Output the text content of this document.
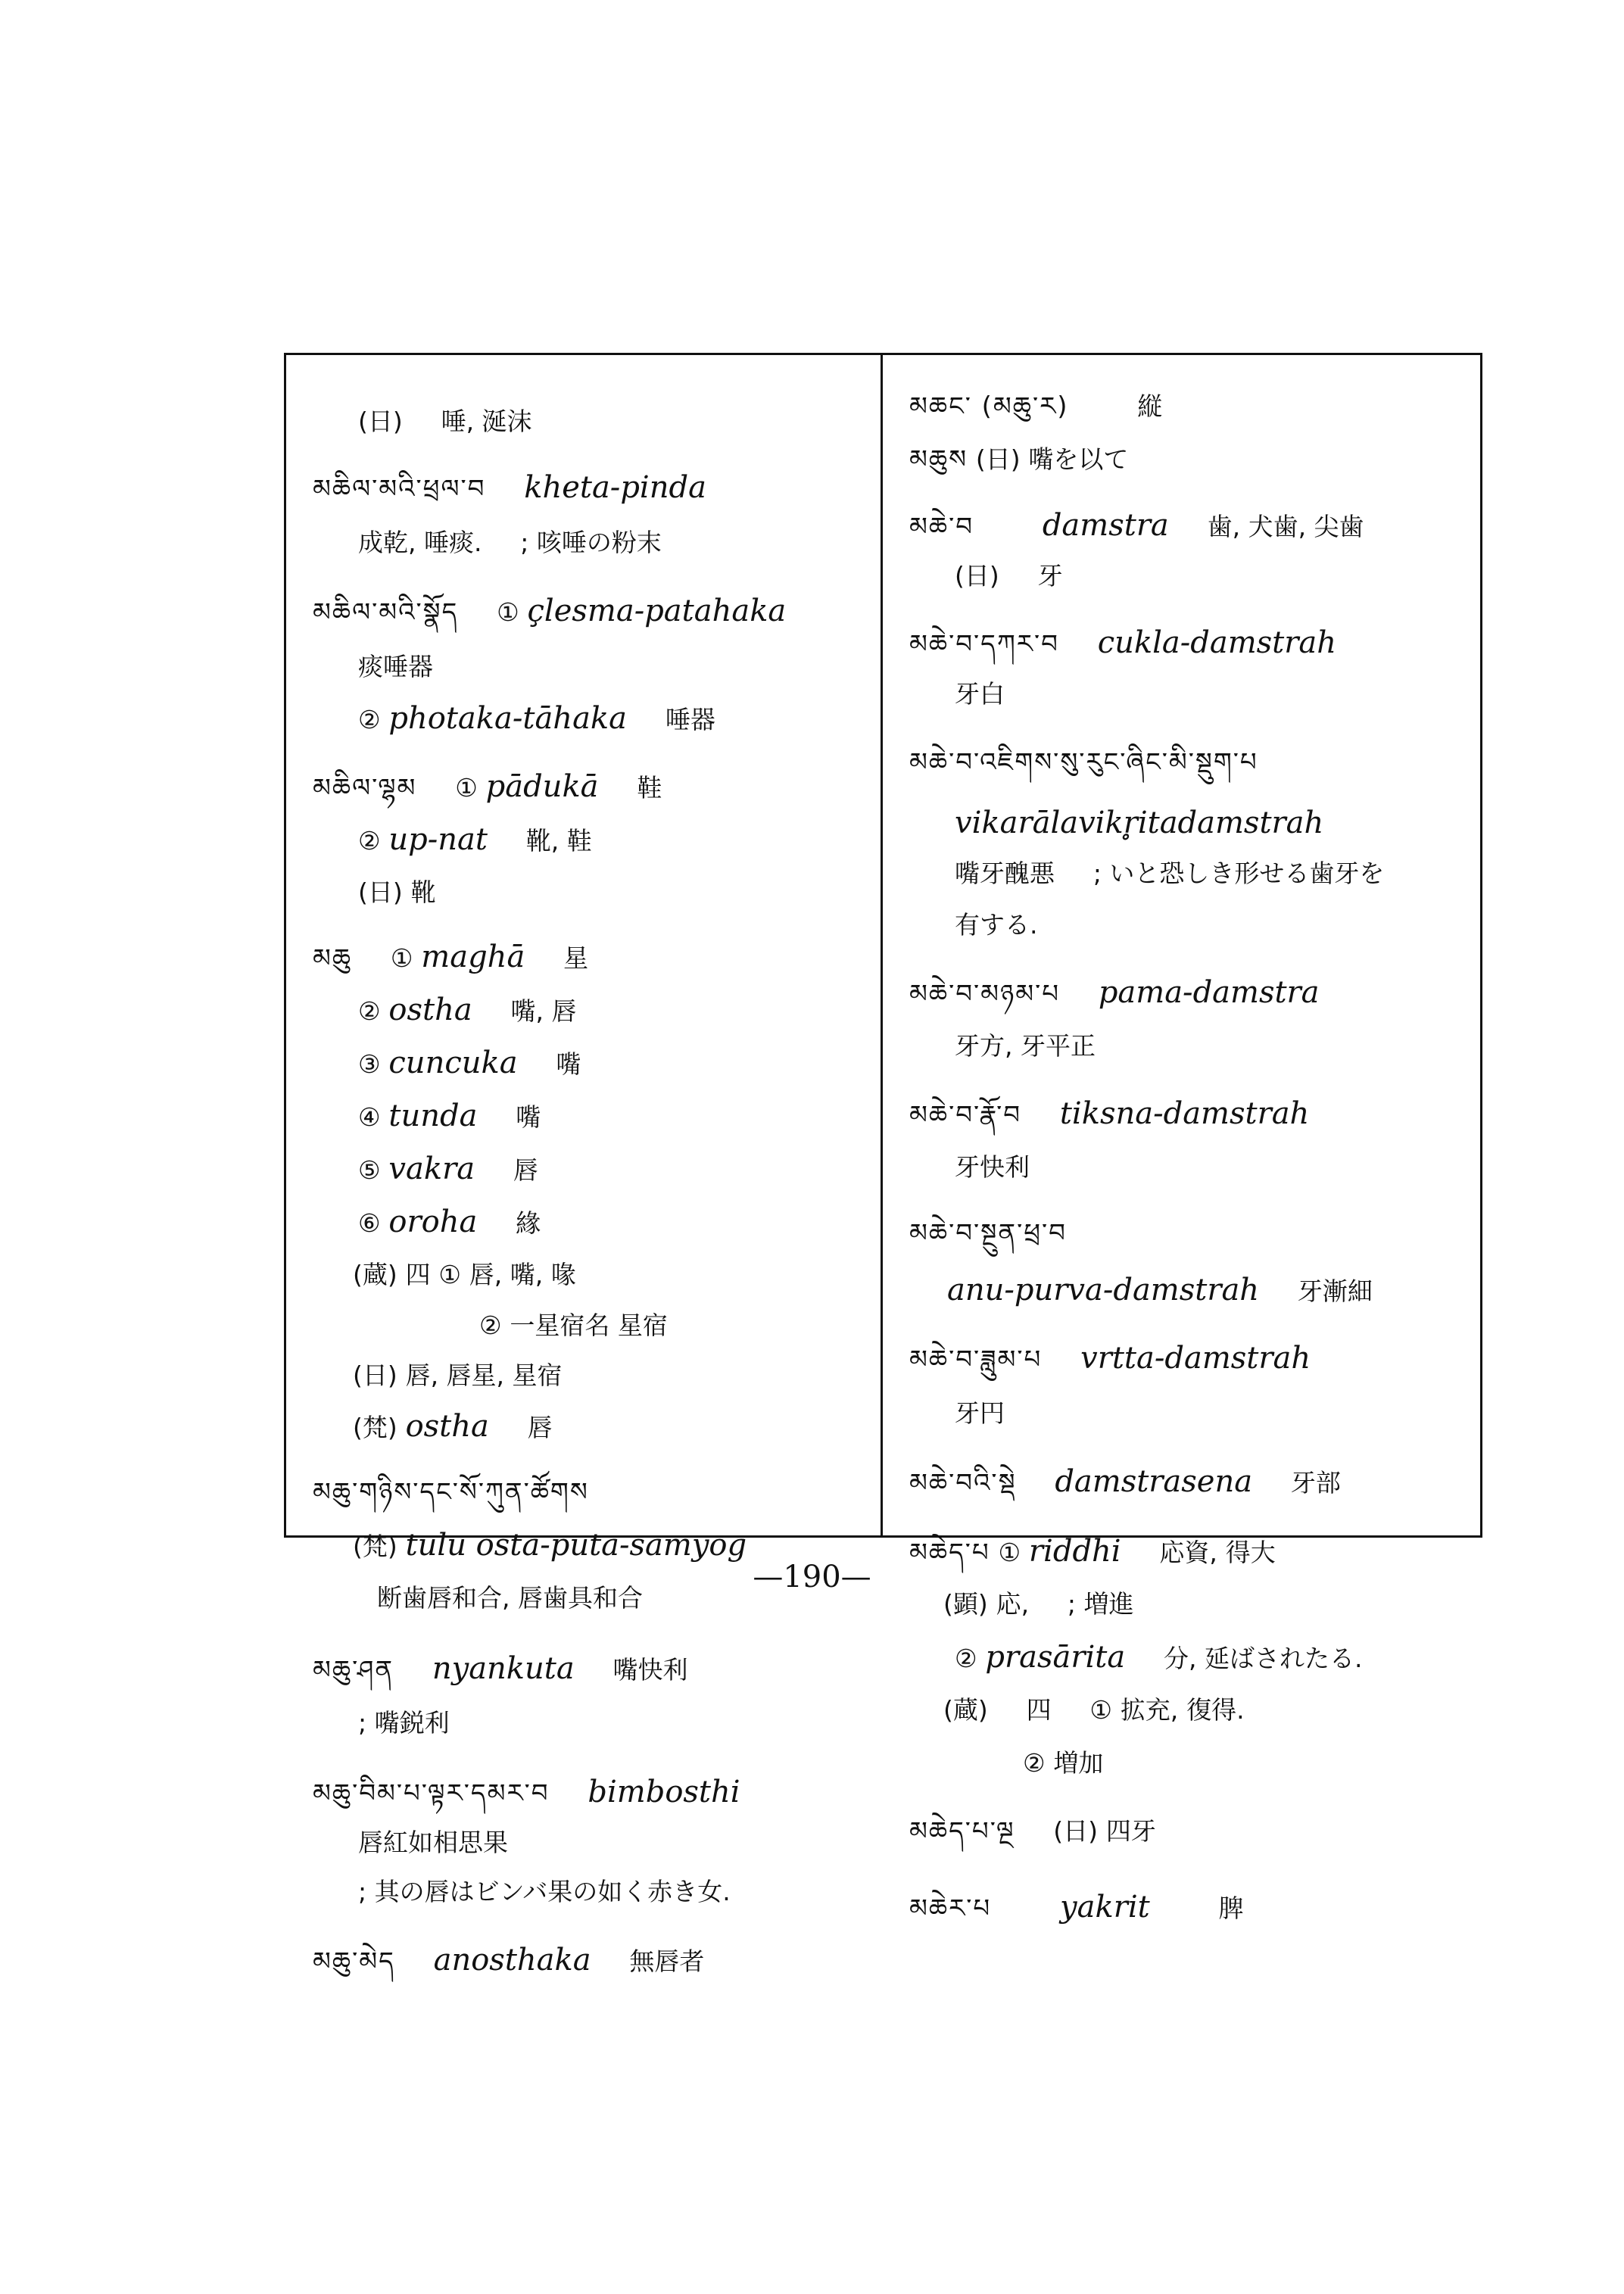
(日) 唾, 涎沫
མཆིལ་མའི་ཕྲལ་བ kheta-pinda
成乾, 唾痰. ; 咳唾の粉末
མཆིལ་མའི་སྣོད ① çlesma-patahaka
痰唾器
② photaka-tāhaka 唾器
མཆིལ་ལྷམ ① pādukā 鞋
② up-nat 靴, 鞋
(日) 靴
མཆུ ① maghā 星
② ostha 嘴, 唇
③ cuncuka 嘴
④ tunda 嘴
⑤ vakra 唇
⑥ oroha 緣
(蔵) 四 ① 唇, 嘴, 喙
② 一星宿名 星宿
(日) 唇, 唇星, 星宿
(梵) ostha 唇
མཆུ་གཉིས་དང་སོ་ཀུན་ཚོགས
(梵) tulu osta-puta-samyog
断歯唇和合, 唇歯具和合
མཆུ་ཤན nyankuta 嘴快利
; 嘴鋭利
མཆུ་བིམ་པ་ལྟར་དམར་བ bimbosthi
唇紅如相思果
; 其の唇はビンバ果の如く赤き女.
མཆུ་མེད anosthaka 無唇者
མཆང་ (མཆུ་ར)	縦
མཆུས (日) 嘴を以て
མཆེ་བ damstra 歯, 犬歯, 尖歯
(日) 牙
མཆེ་བ་དཀར་བ cukla-damstrah
牙白
མཆེ་བ་འཇིགས་སུ་རུང་ཞིང་མི་སྡུག་པ
vikarālavikr̥itadamstrah
嘴牙醜悪 ; いと恐しき形せる歯牙を
有する.
མཆེ་བ་མཉམ་པ pama-damstra
牙方, 牙平正
མཆེ་བ་རྣོ་བ tiksna-damstrah
牙快利
མཆེ་བ་སྔུན་ཕྲ་བ
anu-purva-damstrah 牙漸細
མཆེ་བ་ཟླུམ་པ vrtta-damstrah
牙円
མཆེ་བའི་སྡེ damstrasena 牙部
མཆེད་པ ① riddhi 応資, 得大
(顕) 応, ; 増進
② prasārita 分, 延ばされたる.
(蔵) 四 ① 拡充, 復得.
② 増加
མཆེད་པ་ལྔ (日) 四牙
མཆེར་པ yakrit	脾
—190—
